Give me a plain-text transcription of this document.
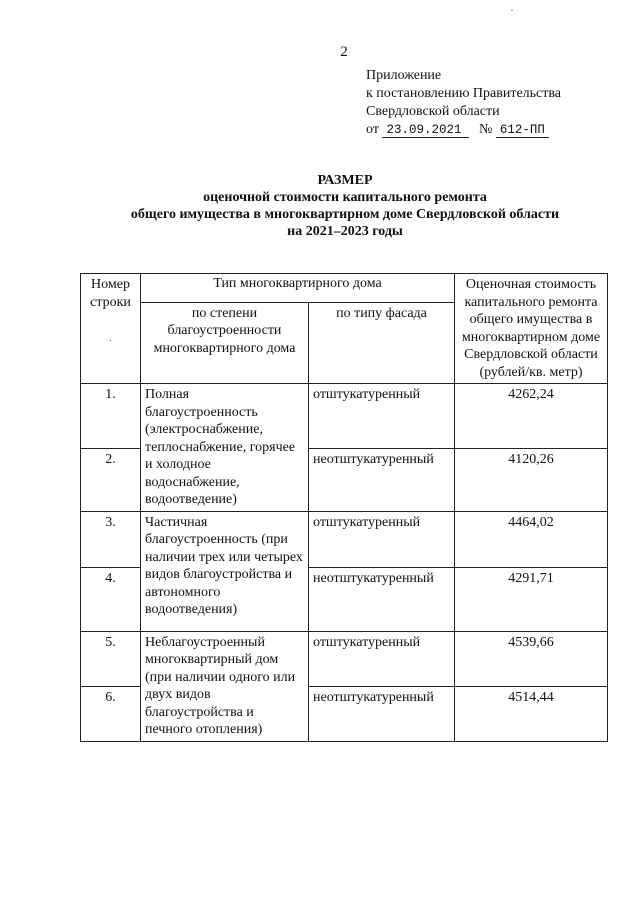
·
2
Приложение
к постановлению Правительства
Свердловской области
от 23.09.2021 № 612-ПП
РАЗМЕР
оценочной стоимости капитального ремонта
общего имущества в многоквартирном доме Свердловской области
на 2021–2023 годы
Номер строки
·	Тип многоквартирного дома		Оценочная стоимость капитального ремонта общего имущества в многоквартирном доме Свердловской области (рублей/кв. метр)
	по степени благоустроенности многоквартирного дома	по типу фасада	
1.	Полная благоустроенность (электроснабжение, теплоснабжение, горячее и холодное водоснабжение, водоотведение)	отштукатуренный	4262,24
2.		неотштукатуренный	4120,26
3.	Частичная благоустроенность (при наличии трех или четырех видов благоустройства и автономного водоотведения)	отштукатуренный	4464,02
4.		неотштукатуренный	4291,71
5.	Неблагоустроенный многоквартирный дом (при наличии одного или двух видов благоустройства и печного отопления)	отштукатуренный	4539,66
6.		неотштукатуренный	4514,44
